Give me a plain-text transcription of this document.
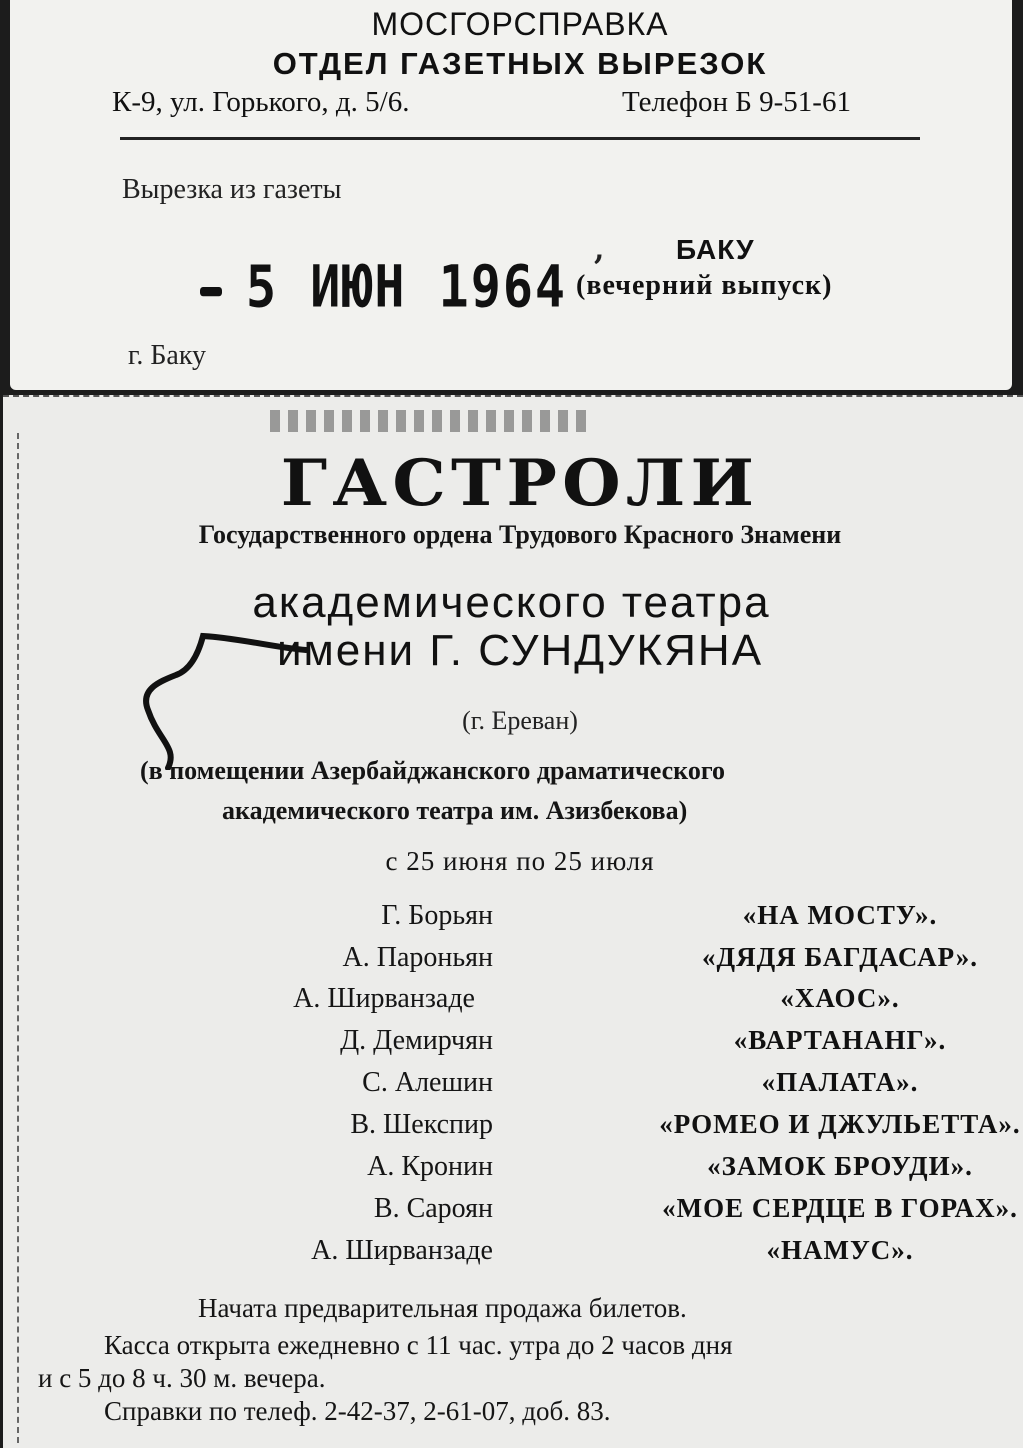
МОСГОРСПРАВКА
ОТДЕЛ ГАЗЕТНЫХ ВЫРЕЗОК
К-9, ул. Горького, д. 5/6.	Телефон Б 9-51-61
Вырезка из газеты
5 ИЮН 1964
,	БАКУ
(вечерний выпуск)
г. Баку
ГАСТРОЛИ
Государственного ордена Трудового Красного Знамени
академического театра
имени Г. СУНДУКЯНА
(г. Ереван)
(в помещении Азербайджанского драматического
академического театра им. Азизбекова)
с 25 июня по 25 июля
Г. Борьян	«НА МОСТУ».
А. Пароньян	«ДЯДЯ БАГДАСАР».
А. Ширванзаде	«ХАОС».
Д. Демирчян	«ВАРТАНАНГ».
С. Алешин	«ПАЛАТА».
В. Шекспир	«РОМЕО И ДЖУЛЬЕТТА».
А. Кронин	«ЗАМОК БРОУДИ».
В. Сароян	«МОЕ СЕРДЦЕ В ГОРАХ».
А. Ширванзаде	«НАМУС».
Начата предварительная продажа билетов.
Касса открыта ежедневно с 11 час. утра до 2 часов дня
и с 5 до 8 ч. 30 м. вечера.
Справки по телеф. 2-42-37, 2-61-07, доб. 83.
